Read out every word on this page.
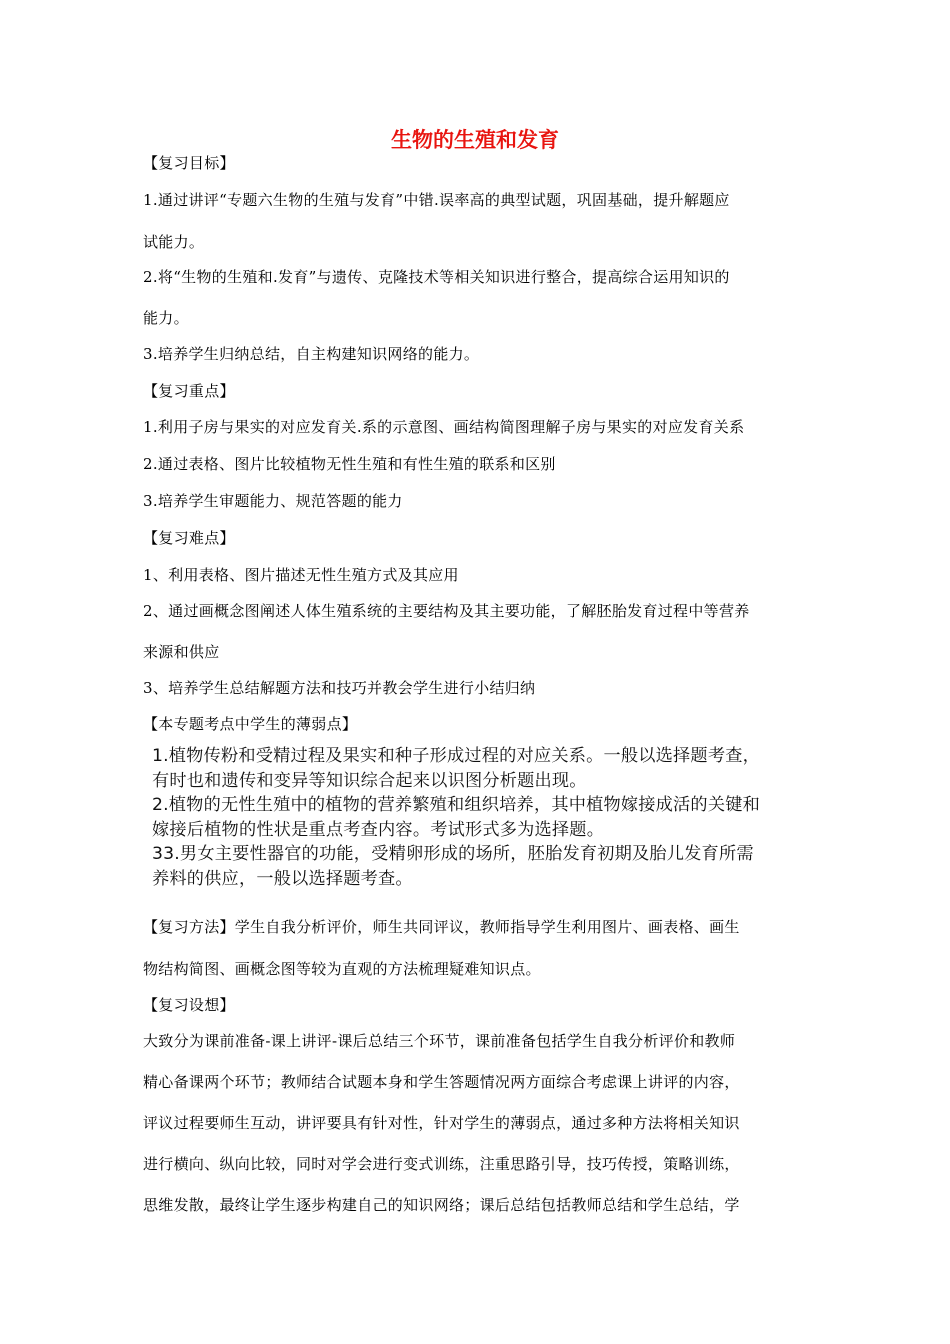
生物的生殖和发育
【复习目标】
1.通过讲评“专题六生物的生殖与发育”中错.误率高的典型试题，巩固基础，提升解题应
试能力。
2.将“生物的生殖和.发育”与遗传、克隆技术等相关知识进行整合，提高综合运用知识的
能力。
3.培养学生归纳总结，自主构建知识网络的能力。
【复习重点】
1.利用子房与果实的对应发育关.系的示意图、画结构简图理解子房与果实的对应发育关系
2.通过表格、图片比较植物无性生殖和有性生殖的联系和区别
3.培养学生审题能力、规范答题的能力
【复习难点】
1、利用表格、图片描述无性生殖方式及其应用
2、通过画概念图阐述人体生殖系统的主要结构及其主要功能，了解胚胎发育过程中等营养
来源和供应
3、培养学生总结解题方法和技巧并教会学生进行小结归纳
【本专题考点中学生的薄弱点】
1.植物传粉和受精过程及果实和种子形成过程的对应关系。一般以选择题考查，
有时也和遗传和变异等知识综合起来以识图分析题出现。
2.植物的无性生殖中的植物的营养繁殖和组织培养，其中植物嫁接成活的关键和
嫁接后植物的性状是重点考查内容。考试形式多为选择题。
33.男女主要性器官的功能，受精卵形成的场所，胚胎发育初期及胎儿发育所需
养料的供应，一般以选择题考查。
【复习方法】学生自我分析评价，师生共同评议，教师指导学生利用图片、画表格、画生
物结构简图、画概念图等较为直观的方法梳理疑难知识点。
【复习设想】
大致分为课前准备-课上讲评-课后总结三个环节，课前准备包括学生自我分析评价和教师
精心备课两个环节；教师结合试题本身和学生答题情况两方面综合考虑课上讲评的内容，
评议过程要师生互动，讲评要具有针对性，针对学生的薄弱点，通过多种方法将相关知识
进行横向、纵向比较，同时对学会进行变式训练，注重思路引导，技巧传授，策略训练，
思维发散，最终让学生逐步构建自己的知识网络；课后总结包括教师总结和学生总结，学
